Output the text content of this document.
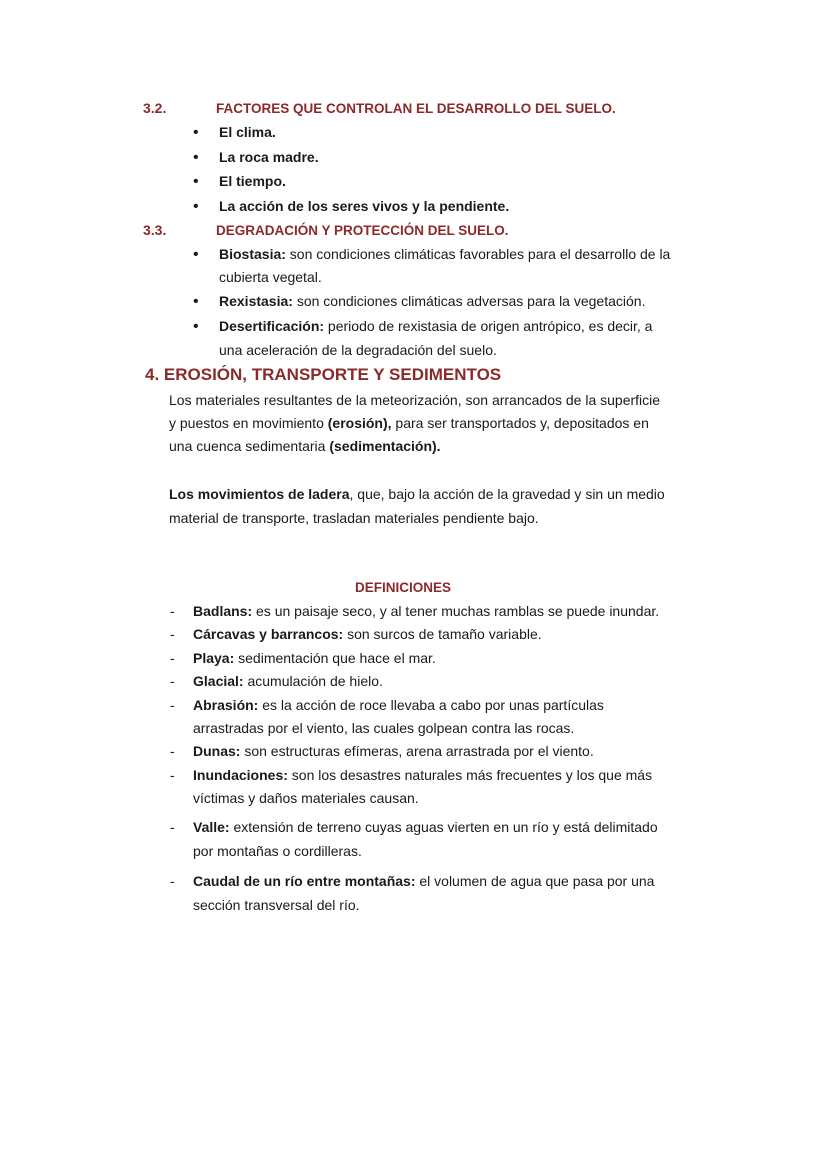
3.2.	FACTORES QUE CONTROLAN EL DESARROLLO DEL SUELO.
• El clima.
• La roca madre.
• El tiempo.
• La acción de los seres vivos y la pendiente.
3.3.	DEGRADACIÓN Y PROTECCIÓN DEL SUELO.
• Biostasia: son condiciones climáticas favorables para el desarrollo de la
cubierta vegetal.
• Rexistasia: son condiciones climáticas adversas para la vegetación.
• Desertificación: periodo de rexistasia de origen antrópico, es decir, a
una aceleración de la degradación del suelo.
4. EROSIÓN, TRANSPORTE Y SEDIMENTOS
Los materiales resultantes de la meteorización, son arrancados de la superficie
y puestos en movimiento (erosión), para ser transportados y, depositados en
una cuenca sedimentaria (sedimentación).
Los movimientos de ladera, que, bajo la acción de la gravedad y sin un medio
material de transporte, trasladan materiales pendiente bajo.
DEFINICIONES
- Badlans: es un paisaje seco, y al tener muchas ramblas se puede inundar.
- Cárcavas y barrancos: son surcos de tamaño variable.
- Playa: sedimentación que hace el mar.
- Glacial: acumulación de hielo.
- Abrasión: es la acción de roce llevaba a cabo por unas partículas
arrastradas por el viento, las cuales golpean contra las rocas.
- Dunas: son estructuras efímeras, arena arrastrada por el viento.
- Inundaciones: son los desastres naturales más frecuentes y los que más
víctimas y daños materiales causan.
- Valle: extensión de terreno cuyas aguas vierten en un río y está delimitado
por montañas o cordilleras.
- Caudal de un río entre montañas: el volumen de agua que pasa por una
sección transversal del río.
